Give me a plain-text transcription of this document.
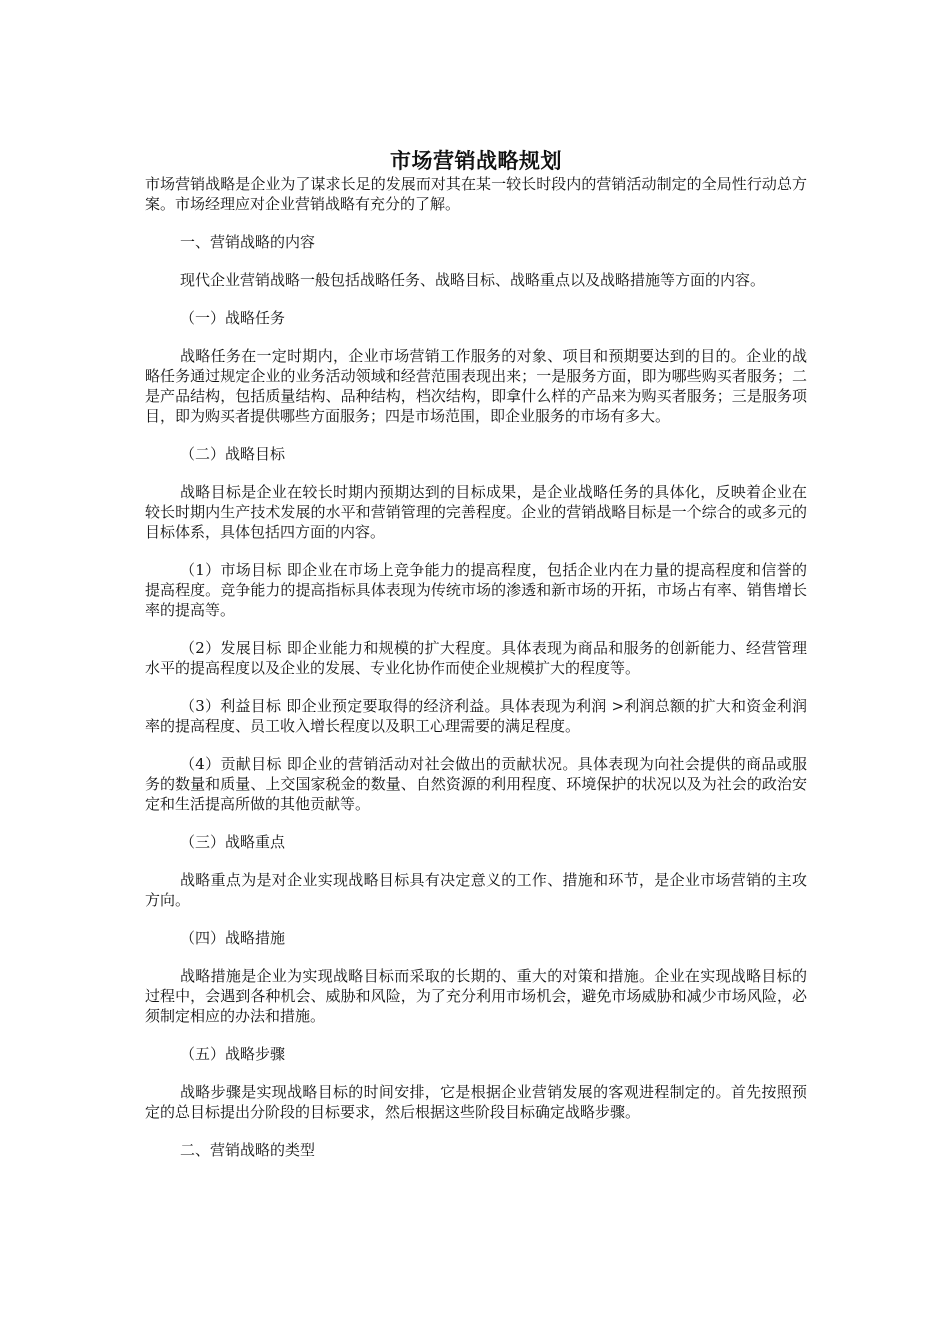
市场营销战略规划

市场营销战略是企业为了谋求长足的发展而对其在某一较长时段内的营销活动制定的全局性行动总方案。市场经理应对企业营销战略有充分的了解。

一、营销战略的内容

现代企业营销战略一般包括战略任务、战略目标、战略重点以及战略措施等方面的内容。

（一）战略任务

战略任务在一定时期内，企业市场营销工作服务的对象、项目和预期要达到的目的。企业的战略任务通过规定企业的业务活动领域和经营范围表现出来；一是服务方面，即为哪些购买者服务；二是产品结构，包括质量结构、品种结构，档次结构，即拿什么样的产品来为购买者服务；三是服务项目，即为购买者提供哪些方面服务；四是市场范围，即企业服务的市场有多大。

（二）战略目标

战略目标是企业在较长时期内预期达到的目标成果，是企业战略任务的具体化，反映着企业在较长时期内生产技术发展的水平和营销管理的完善程度。企业的营销战略目标是一个综合的或多元的目标体系，具体包括四方面的内容。

（1）市场目标 即企业在市场上竞争能力的提高程度，包括企业内在力量的提高程度和信誉的提高程度。竞争能力的提高指标具体表现为传统市场的渗透和新市场的开拓，市场占有率、销售增长率的提高等。

（2）发展目标 即企业能力和规模的扩大程度。具体表现为商品和服务的创新能力、经营管理水平的提高程度以及企业的发展、专业化协作而使企业规模扩大的程度等。

（3）利益目标 即企业预定要取得的经济利益。具体表现为利润 >利润总额的扩大和资金利润率的提高程度、员工收入增长程度以及职工心理需要的满足程度。

（4）贡献目标 即企业的营销活动对社会做出的贡献状况。具体表现为向社会提供的商品或服务的数量和质量、上交国家税金的数量、自然资源的利用程度、环境保护的状况以及为社会的政治安定和生活提高所做的其他贡献等。

（三）战略重点

战略重点为是对企业实现战略目标具有决定意义的工作、措施和环节，是企业市场营销的主攻方向。

（四）战略措施

战略措施是企业为实现战略目标而采取的长期的、重大的对策和措施。企业在实现战略目标的过程中，会遇到各种机会、威胁和风险，为了充分利用市场机会，避免市场威胁和减少市场风险，必须制定相应的办法和措施。

（五）战略步骤

战略步骤是实现战略目标的时间安排，它是根据企业营销发展的客观进程制定的。首先按照预定的总目标提出分阶段的目标要求，然后根据这些阶段目标确定战略步骤。

二、营销战略的类型
